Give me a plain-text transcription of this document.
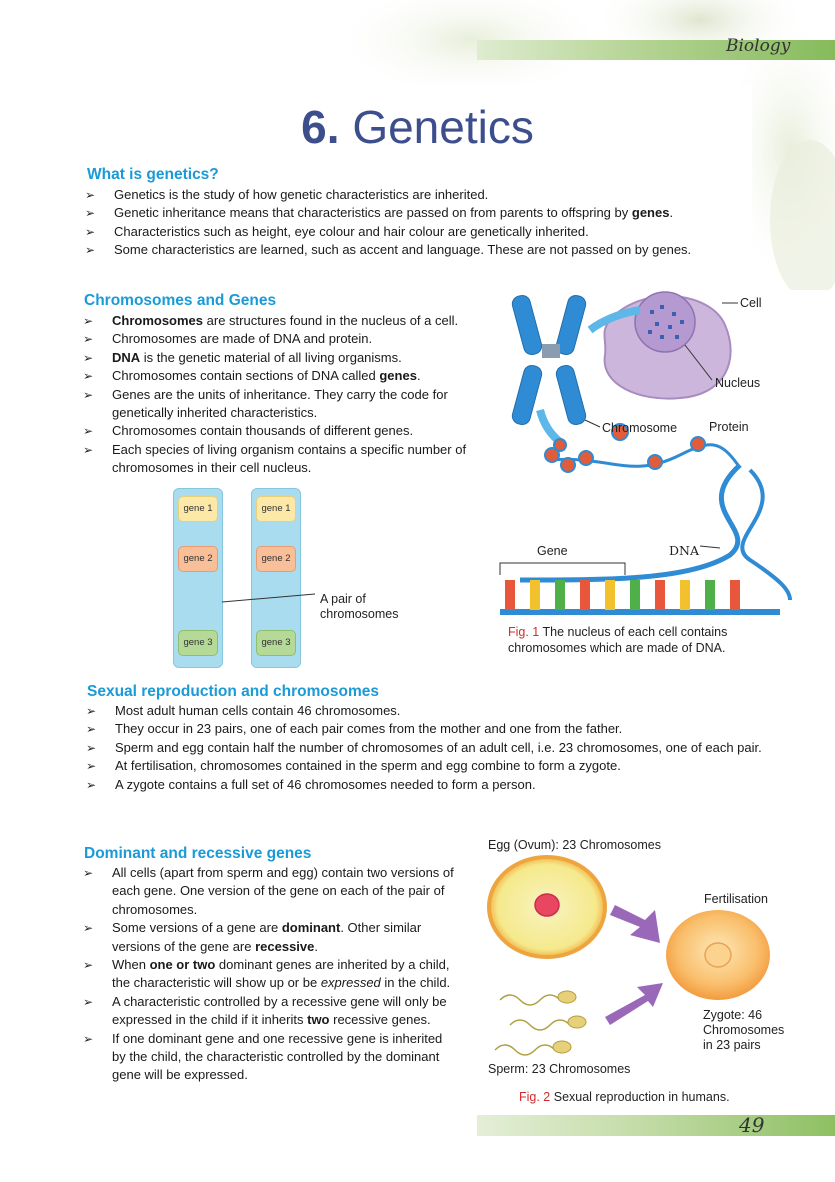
Biology
6. Genetics
What is genetics?
➢ Genetics is the study of how genetic characteristics are inherited.
➢ Genetic inheritance means that characteristics are passed on from parents to offspring by genes.
➢ Characteristics such as height, eye colour and hair colour are genetically inherited.
➢ Some characteristics are learned, such as accent and language. These are not passed on by genes.
Chromosomes and Genes
➢ Chromosomes are structures found in the nucleus of a cell.
➢ Chromosomes are made of DNA and protein.
➢ DNA is the genetic material of all living organisms.
➢ Chromosomes contain sections of DNA called genes.
➢ Genes are the units of inheritance. They carry the code for genetically inherited characteristics.
➢ Chromosomes contain thousands of different genes.
➢ Each species of living organism contains a specific number of chromosomes in their cell nucleus.
gene 1
gene 2
gene 3
gene 1
gene 2
gene 3
A pair of
chromosomes
Cell
Nucleus
Chromosome	Protein
Gene	DNA
Fig. 1 The nucleus of each cell contains
chromosomes which are made of DNA.
Sexual reproduction and chromosomes
➢ Most adult human cells contain 46 chromosomes.
➢ They occur in 23 pairs, one of each pair comes from the mother and one from the father.
➢ Sperm and egg contain half the number of chromosomes of an adult cell, i.e. 23 chromosomes, one of each pair.
➢ At fertilisation, chromosomes contained in the sperm and egg combine to form a zygote.
➢ A zygote contains a full set of 46 chromosomes needed to form a person.
Dominant and recessive genes
➢ All cells (apart from sperm and egg) contain two versions of each gene. One version of the gene on each of the pair of chromosomes.
➢ Some versions of a gene are dominant. Other similar versions of the gene are recessive.
➢ When one or two dominant genes are inherited by a child, the characteristic will show up or be expressed in the child.
➢ A characteristic controlled by a recessive gene will only be expressed in the child if it inherits two recessive genes.
➢ If one dominant gene and one recessive gene is inherited by the child, the characteristic controlled by the dominant gene will be expressed.
Egg (Ovum): 23 Chromosomes
Fertilisation
Zygote: 46
Chromosomes
in 23 pairs
Sperm: 23 Chromosomes
Fig. 2 Sexual reproduction in humans.
49
